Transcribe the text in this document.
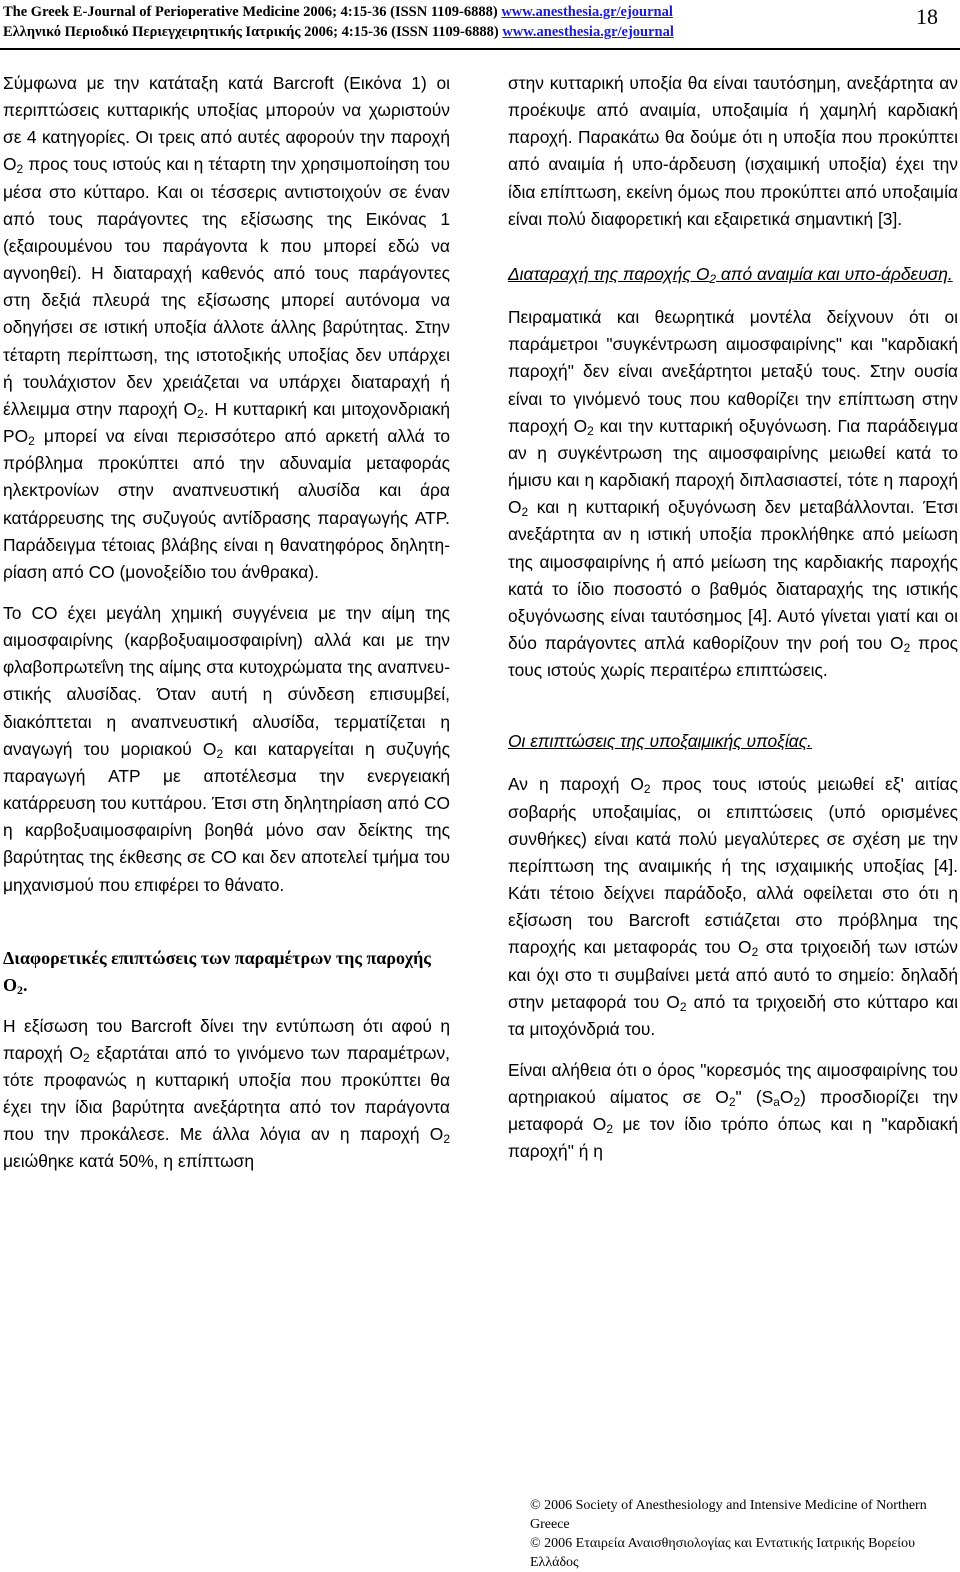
The Greek E-Journal of Perioperative Medicine 2006; 4:15-36 (ISSN 1109-6888) www.anesthesia.gr/ejournal
Ελληνικό Περιοδικό Περιεγχειρητικής Ιατρικής 2006; 4:15-36 (ISSN 1109-6888) www.anesthesia.gr/ejournal
18

Σύμφωνα με την κατάταξη κατά Barcroft (Εικόνα 1) οι περιπτώσεις κυτταρικής υποξίας μπορούν να χωριστούν σε 4 κατηγορίες. Οι τρεις από αυτές αφορούν την παροχή $O_2$ προς τους ιστούς και η τέταρτη την χρησιμοποίηση του μέσα στο κύτταρο. Και οι τέσσερις αντιστοιχούν σε έναν από τους παράγοντες της εξίσωσης της Εικόνας 1 (εξαιρουμένου του παράγοντα k που μπορεί εδώ να αγνοηθεί). Η διαταραχή καθενός από τους παράγοντες στη δεξιά πλευρά της εξίσωσης μπορεί αυτόνομα να οδηγήσει σε ιστική υποξία άλλοτε άλλης βαρύτητας. Στην τέταρτη περίπτωση, της ιστοτοξικής υποξίας δεν υπάρχει ή τουλάχιστον δεν χρειάζεται να υπάρχει διαταραχή ή έλλειμμα στην παροχή $O_2$. Η κυτταρική και μιτοχονδριακή $PO_2$ μπορεί να είναι περισσότερο από αρκετή αλλά το πρόβλημα προκύπτει από την αδυναμία μεταφοράς ηλεκτρονίων στην αναπνευστική αλυσίδα και άρα κατάρρευσης της συζυγούς αντίδρασης παραγωγής ATP. Παράδειγμα τέτοιας βλάβης είναι η θανατηφόρος δηλητηρίαση από CO (μονοξείδιο του άνθρακα).

Το CO έχει μεγάλη χημική συγγένεια με την αίμη της αιμοσφαιρίνης (καρβοξυαιμοσφαιρίνη) αλλά και με την φλαβοπρωτεΐνη της αίμης στα κυτοχρώματα της αναπνευστικής αλυσίδας. Όταν αυτή η σύνδεση επισυμβεί, διακόπτεται η αναπνευστική αλυσίδα, τερματίζεται η αναγωγή του μοριακού $O_2$ και καταργείται η συζυγής παραγωγή ATP με αποτέλεσμα την ενεργειακή κατάρρευση του κυττάρου. Έτσι στη δηλητηρίαση από CO η καρβοξυαιμοσφαιρίνη βοηθά μόνο σαν δείκτης της βαρύτητας της έκθεσης σε CO και δεν αποτελεί τμήμα του μηχανισμού που επιφέρει το θάνατο.

Διαφορετικές επιπτώσεις των παραμέτρων της παροχής $O_2$.

Η εξίσωση του Barcroft δίνει την εντύπωση ότι αφού η παροχή $O_2$ εξαρτάται από το γινόμενο των παραμέτρων, τότε προφανώς η κυτταρική υποξία που προκύπτει θα έχει την ίδια βαρύτητα ανεξάρτητα από τον παράγοντα που την προκάλεσε. Με άλλα λόγια αν η παροχή $O_2$ μειώθηκε κατά 50%, η επίπτωση

στην κυτταρική υποξία θα είναι ταυτόσημη, ανεξάρτητα αν προέκυψε από αναιμία, υποξαιμία ή χαμηλή καρδιακή παροχή. Παρακάτω θα δούμε ότι η υποξία που προκύπτει από αναιμία ή υπο-άρδευση (ισχαιμική υποξία) έχει την ίδια επίπτωση, εκείνη όμως που προκύπτει από υποξαιμία είναι πολύ διαφορετική και εξαιρετικά σημαντική [3].

Διαταραχή της παροχής $O_2$ από αναιμία και υπο-άρδευση.

Πειραματικά και θεωρητικά μοντέλα δείχνουν ότι οι παράμετροι "συγκέντρωση αιμοσφαιρίνης" και "καρδιακή παροχή" δεν είναι ανεξάρτητοι μεταξύ τους. Στην ουσία είναι το γινόμενό τους που καθορίζει την επίπτωση στην παροχή $O_2$ και την κυτταρική οξυγόνωση. Για παράδειγμα αν η συγκέντρωση της αιμοσφαιρίνης μειωθεί κατά το ήμισυ και η καρδιακή παροχή διπλασιαστεί, τότε η παροχή $O_2$ και η κυτταρική οξυγόνωση δεν μεταβάλλονται. Έτσι ανεξάρτητα αν η ιστική υποξία προκλήθηκε από μείωση της αιμοσφαιρίνης ή από μείωση της καρδιακής παροχής κατά το ίδιο ποσοστό ο βαθμός διαταραχής της ιστικής οξυγόνωσης είναι ταυτόσημος [4]. Αυτό γίνεται γιατί και οι δύο παράγοντες απλά καθορίζουν την ροή του $O_2$ προς τους ιστούς χωρίς περαιτέρω επιπτώσεις.

Οι επιπτώσεις της υποξαιμικής υποξίας.

Αν η παροχή $O_2$ προς τους ιστούς μειωθεί εξ' αιτίας σοβαρής υποξαιμίας, οι επιπτώσεις (υπό ορισμένες συνθήκες) είναι κατά πολύ μεγαλύτερες σε σχέση με την περίπτωση της αναιμικής ή της ισχαιμικής υποξίας [4]. Κάτι τέτοιο δείχνει παράδοξο, αλλά οφείλεται στο ότι η εξίσωση του Barcroft εστιάζεται στο πρόβλημα της παροχής και μεταφοράς του $O_2$ στα τριχοειδή των ιστών και όχι στο τι συμβαίνει μετά από αυτό το σημείο: δηλαδή στην μεταφορά του $O_2$ από τα τριχοειδή στο κύτταρο και τα μιτοχόνδριά του.

Είναι αλήθεια ότι ο όρος "κορεσμός της αιμοσφαιρίνης του αρτηριακού αίματος σε $O_2$" $(S_aO_2)$ προσδιορίζει την μεταφορά $O_2$ με τον ίδιο τρόπο όπως και η "καρδιακή παροχή" ή η

© 2006 Society of Anesthesiology and Intensive Medicine of Northern Greece
© 2006 Εταιρεία Αναισθησιολογίας και Εντατικής Ιατρικής Βορείου Ελλάδος
